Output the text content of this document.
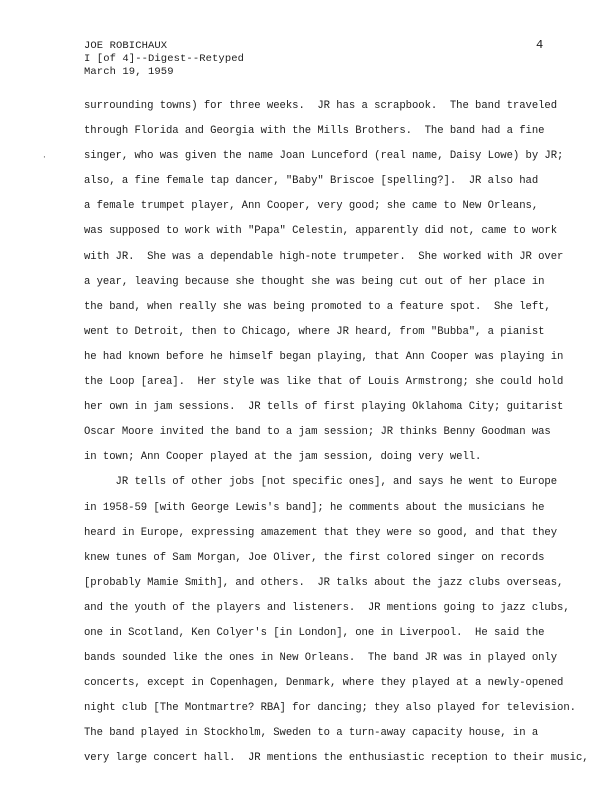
JOE ROBICHAUX
I [of 4]--Digest--Retyped
March 19, 1959
4
·
surrounding towns) for three weeks.  JR has a scrapbook.  The band traveled
through Florida and Georgia with the Mills Brothers.  The band had a fine
singer, who was given the name Joan Lunceford (real name, Daisy Lowe) by JR;
also, a fine female tap dancer, "Baby" Briscoe [spelling?].  JR also had
a female trumpet player, Ann Cooper, very good; she came to New Orleans,
was supposed to work with "Papa" Celestin, apparently did not, came to work
with JR.  She was a dependable high-note trumpeter.  She worked with JR over
a year, leaving because she thought she was being cut out of her place in
the band, when really she was being promoted to a feature spot.  She left,
went to Detroit, then to Chicago, where JR heard, from "Bubba", a pianist
he had known before he himself began playing, that Ann Cooper was playing in
the Loop [area].  Her style was like that of Louis Armstrong; she could hold
her own in jam sessions.  JR tells of first playing Oklahoma City; guitarist
Oscar Moore invited the band to a jam session; JR thinks Benny Goodman was
in town; Ann Cooper played at the jam session, doing very well.
JR tells of other jobs [not specific ones], and says he went to Europe
in 1958-59 [with George Lewis's band]; he comments about the musicians he
heard in Europe, expressing amazement that they were so good, and that they
knew tunes of Sam Morgan, Joe Oliver, the first colored singer on records
[probably Mamie Smith], and others.  JR talks about the jazz clubs overseas,
and the youth of the players and listeners.  JR mentions going to jazz clubs,
one in Scotland, Ken Colyer's [in London], one in Liverpool.  He said the
bands sounded like the ones in New Orleans.  The band JR was in played only
concerts, except in Copenhagen, Denmark, where they played at a newly-opened
night club [The Montmartre? RBA] for dancing; they also played for television.
The band played in Stockholm, Sweden to a turn-away capacity house, in a
very large concert hall.  JR mentions the enthusiastic reception to their music,
